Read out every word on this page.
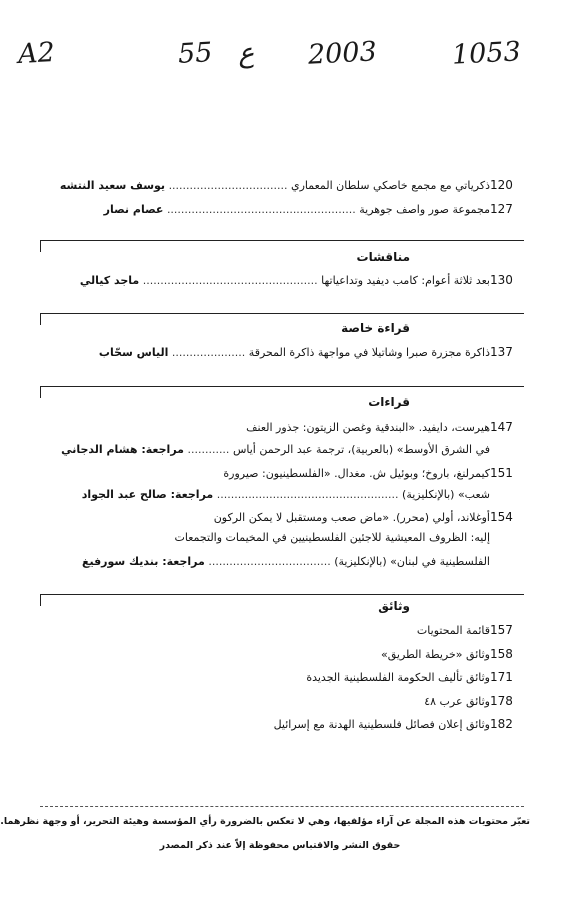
A2	55 ع 2003	1053
120
ذكرياتي مع مجمع خاصكي سلطان المعماري .................................. يوسف سعيد النتشه
127
مجموعة صور واصف جوهرية ...................................................... عصام نصار
مناقشات
130
بعد ثلاثة أعوام: كامب ديفيد وتداعياتها .................................................. ماجد كيالي
قراءة خاصة
137
ذاكرة مجزرة صبرا وشاتيلا في مواجهة ذاكرة المحرقة ..................... الياس سحّاب
قراءات
147
هيرست، دايفيد. «البندقية وغصن الزيتون: جذور العنف
في الشرق الأوسط» (بالعربية)، ترجمة عبد الرحمن أياس ............ مراجعة: هشام الدجاني
151
كيمرلنغ، باروخ؛ وبوئيل ش. مغدال. «الفلسطينيون: صيرورة
شعب» (بالإنكليزية) .................................................... مراجعة: صالح عبد الجواد
154
أوغلاند، أولي (محرر). «ماض صعب ومستقبل لا يمكن الركون
إليه: الظروف المعيشية للاجئين الفلسطينيين في المخيمات والتجمعات
الفلسطينية في لبنان» (بالإنكليزية) ................................... مراجعة: بنديك سورفيغ
وثائق
157
قائمة المحتويات
158
وثائق «خريطة الطريق»
171
وثائق تأليف الحكومة الفلسطينية الجديدة
178
وثائق عرب ٤٨
182
وثائق إعلان فصائل فلسطينية الهدنة مع إسرائيل
تعبّر محتويات هذه المجلة عن آراء مؤلفيها، وهي لا تعكس بالضرورة رأي المؤسسة وهيئة التحرير، أو وجهة نظرهما.
حقوق النشر والاقتباس محفوظة إلاّ عند ذكر المصدر
